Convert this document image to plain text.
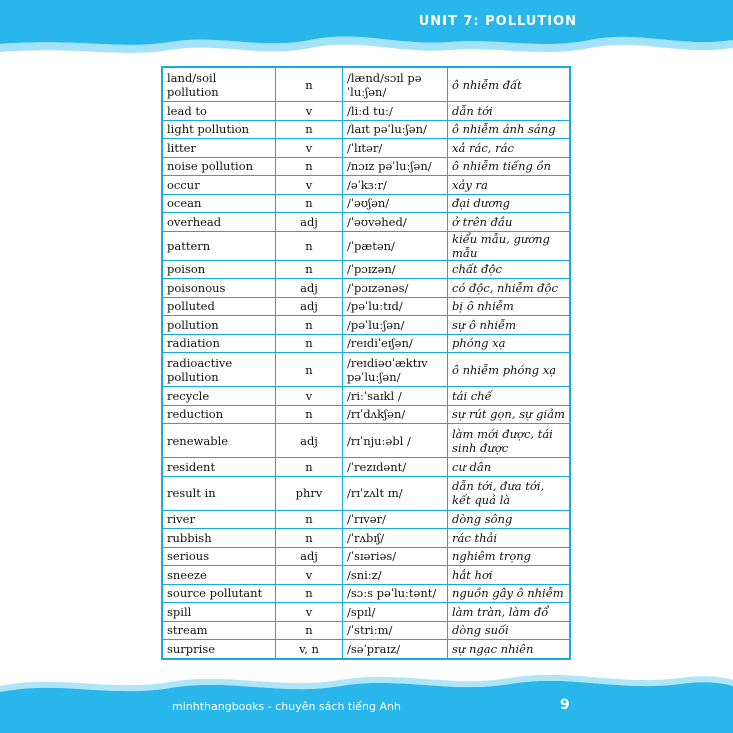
UNIT 7: POLLUTION
land/soil pollution	n	/lænd/sɔɪl pəˈluːʃən/	ô nhiễm đất
lead to	v	/liːd tuː/	dẫn tới
light pollution	n	/laɪt pəˈluːʃən/	ô nhiễm ánh sáng
litter	v	/ˈlɪtər/	xả rác, rác
noise pollution	n	/nɔɪz pəˈluːʃən/	ô nhiễm tiếng ồn
occur	v	/əˈkɜːr/	xảy ra
ocean	n	/ˈəʊʃən/	đại dương
overhead	adj	/ˈəʊvəhed/	ở trên đầu
pattern	n	/ˈpætən/	kiểu mẫu, gương mẫu
poison	n	/ˈpɔɪzən/	chất độc
poisonous	adj	/ˈpɔɪzənəs/	có độc, nhiễm độc
polluted	adj	/pəˈluːtɪd/	bị ô nhiễm
pollution	n	/pəˈluːʃən/	sự ô nhiễm
radiation	n	/reɪdiˈeɪʃən/	phóng xạ
radioactive pollution	n	/reɪdiəʊˈæktɪv pəˈluːʃən/	ô nhiễm phóng xạ
recycle	v	/riːˈsaɪkl /	tái chế
reduction	n	/rɪˈdʌkʃən/	sự rút gọn, sự giảm
renewable	adj	/rɪˈnjuːəbl /	làm mới được, tái sinh được
resident	n	/ˈrezɪdənt/	cư dân
result in	phrv	/rɪˈzʌlt ɪn/	dẫn tới, đưa tới, kết quả là
river	n	/ˈrɪvər/	dòng sông
rubbish	n	/ˈrʌbɪʃ/	rác thải
serious	adj	/ˈsɪəriəs/	nghiêm trọng
sneeze	v	/sniːz/	hắt hơi
source pollutant	n	/sɔːs pəˈluːtənt/	nguồn gây ô nhiễm
spill	v	/spɪl/	làm tràn, làm đổ
stream	n	/ˈstriːm/	dòng suối
surprise	v, n	/səˈpraɪz/	sự ngạc nhiên
minhthangbooks - chuyên sách tiếng Anh	9
